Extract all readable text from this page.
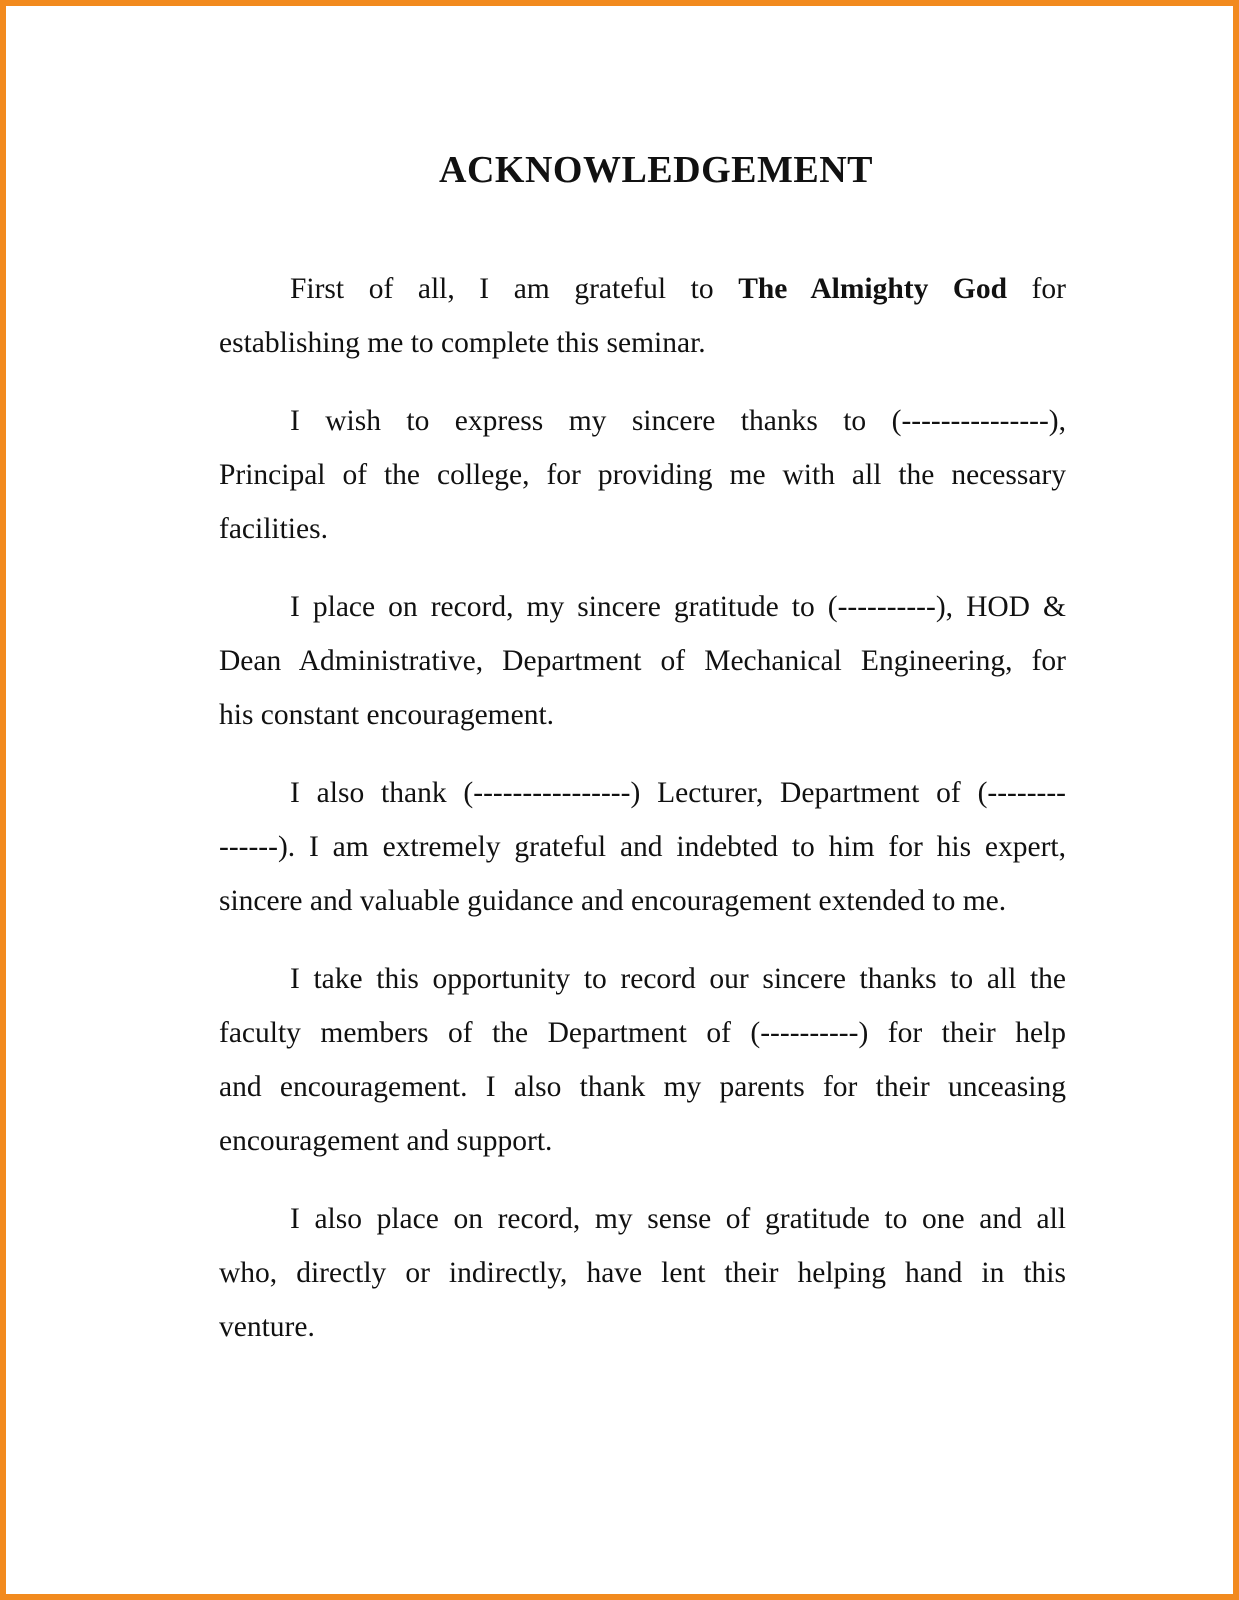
ACKNOWLEDGEMENT
First of all, I am grateful to The Almighty God for
establishing me to complete this seminar.
I wish to express my sincere thanks to (---------------),
Principal of the college, for providing me with all the necessary
facilities.
I place on record, my sincere gratitude to (----------), HOD &
Dean Administrative, Department of Mechanical Engineering, for
his constant encouragement.
I also thank (----------------) Lecturer, Department of (--------
------). I am extremely grateful and indebted to him for his expert,
sincere and valuable guidance and encouragement extended to me.
I take this opportunity to record our sincere thanks to all the
faculty members of the Department of (----------) for their help
and encouragement. I also thank my parents for their unceasing
encouragement and support.
I also place on record, my sense of gratitude to one and all
who, directly or indirectly, have lent their helping hand in this
venture.
